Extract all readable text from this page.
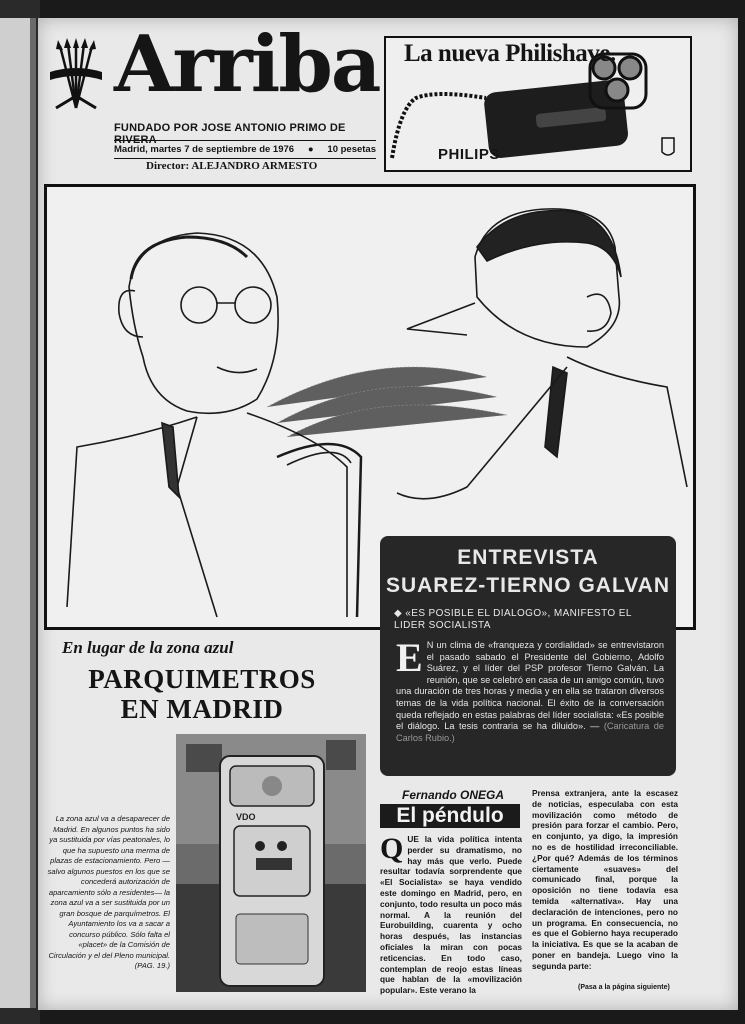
Arriba
FUNDADO POR JOSE ANTONIO PRIMO DE RIVERA
Madrid, martes 7 de septiembre de 1976 ● 10 pesetas
Director: ALEJANDRO ARMESTO
La nueva Philishave.
PHILIPS
ENTREVISTA
SUAREZ-TIERNO GALVAN
◆ «ES POSIBLE EL DIALOGO», MANIFESTO EL LIDER SOCIALISTA
E N un clima de «franqueza y cordialidad» se entrevistaron el pasado sabado el Presidente del Gobierno, Adolfo Suárez, y el líder del PSP profesor Tierno Galván. La reunión, que se celebró en casa de un amigo común, tuvo una duración de tres horas y media y en ella se trataron diversos temas de la vida política nacional. El éxito de la conversación queda reflejado en estas palabras del líder socialista: «Es posible el diálogo. La tesis contraria se ha diluido». — (Caricatura de Carlos Rubio.)
En lugar de la zona azul
PARQUIMETROS
EN MADRID
La zona azul va a desaparecer de Madrid. En algunos puntos ha sido ya sustituida por vías peatonales, lo que ha supuesto una merma de plazas de estacionamiento. Pero —salvo algunos puestos en los que se concederá autorización de aparcamiento sólo a residentes— la zona azul va a ser sustituida por un gran bosque de parquímetros. El Ayuntamiento los va a sacar a concurso público. Sólo falta el «placet» de la Comisión de Circulación y el del Pleno municipal.
(PAG. 19.)
VDO
Fernando ONEGA
El péndulo
QUE la vida política intenta perder su dramatismo, no hay más que verlo. Puede resultar todavía sorprendente que «El Socialista» se haya vendido este domingo en Madrid, pero, en conjunto, todo resulta un poco más normal. A la reunión del Eurobuilding, cuarenta y ocho horas después, las instancias oficiales la miran con pocas reticencias. En todo caso, contemplan de reojo estas líneas que hablan de la «movilización popular». Este verano la
Prensa extranjera, ante la escasez de noticias, especulaba con esta movilización como método de presión para forzar el cambio. Pero, en conjunto, ya digo, la impresión no es de hostilidad irreconciliable. ¿Por qué? Además de los términos ciertamente «suaves» del comunicado final, porque la oposición no tiene todavía esa temida «alternativa». Hay una declaración de intenciones, pero no un programa. En consecuencia, no es que el Gobierno haya recuperado la iniciativa. Es que se la acaban de poner en bandeja. Luego vino la segunda parte:
(Pasa a la página siguiente)
